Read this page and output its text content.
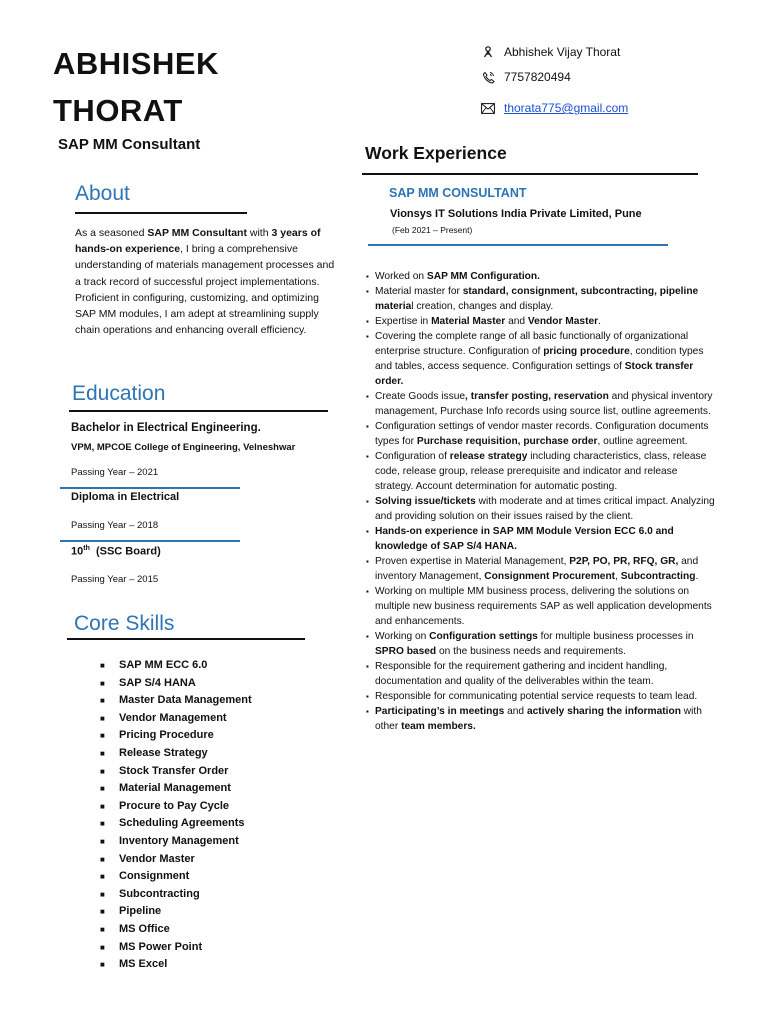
ABHISHEK
THORAT
SAP MM Consultant
Abhishek Vijay Thorat
7757820494
thorata775@gmail.com
About
As a seasoned SAP MM Consultant with 3 years of hands-on experience, I bring a comprehensive understanding of materials management processes and a track record of successful project implementations. Proficient in configuring, customizing, and optimizing SAP MM modules, I am adept at streamlining supply chain operations and enhancing overall efficiency.
Education
Bachelor in Electrical Engineering.
VPM, MPCOE College of Engineering, Velneshwar
Passing Year – 2021
Diploma in Electrical
Passing Year – 2018
10th  (SSC Board)
Passing Year – 2015
Core Skills
■	SAP MM ECC 6.0
■	SAP S/4 HANA
■	Master Data Management
■	Vendor Management
■	Pricing Procedure
■	Release Strategy
■	Stock Transfer Order
■	Material Management
■	Procure to Pay Cycle
■	Scheduling Agreements
■	Inventory Management
■	Vendor Master
■	Consignment
■	Subcontracting
■	Pipeline
■	MS Office
■	MS Power Point
■	MS Excel
Work Experience
SAP MM CONSULTANT
Vionsys IT Solutions India Private Limited, Pune
(Feb 2021 – Present)
▪ Worked on SAP MM Configuration.
▪ Material master for standard, consignment, subcontracting, pipeline material creation, changes and display.
▪ Expertise in Material Master and Vendor Master.
▪ Covering the complete range of all basic functionally of organizational enterprise structure. Configuration of pricing procedure, condition types and tables, access sequence. Configuration settings of Stock transfer order.
▪ Create Goods issue, transfer posting, reservation and physical inventory management, Purchase Info records using source list, outline agreements.
▪ Configuration settings of vendor master records. Configuration documents types for Purchase requisition, purchase order, outline agreement.
▪ Configuration of release strategy including characteristics, class, release code, release group, release prerequisite and indicator and release strategy. Account determination for automatic posting.
▪ Solving issue/tickets with moderate and at times critical impact. Analyzing and providing solution on their issues raised by the client.
▪ Hands-on experience in SAP MM Module Version ECC 6.0 and knowledge of SAP S/4 HANA.
▪ Proven expertise in Material Management, P2P, PO, PR, RFQ, GR, and inventory Management, Consignment Procurement, Subcontracting.
▪ Working on multiple MM business process, delivering the solutions on multiple new business requirements SAP as well application developments and enhancements.
▪ Working on Configuration settings for multiple business processes in SPRO based on the business needs and requirements.
▪ Responsible for the requirement gathering and incident handling, documentation and quality of the deliverables within the team.
▪ Responsible for communicating potential service requests to team lead.
▪ Participating’s in meetings and actively sharing the information with other team members.
